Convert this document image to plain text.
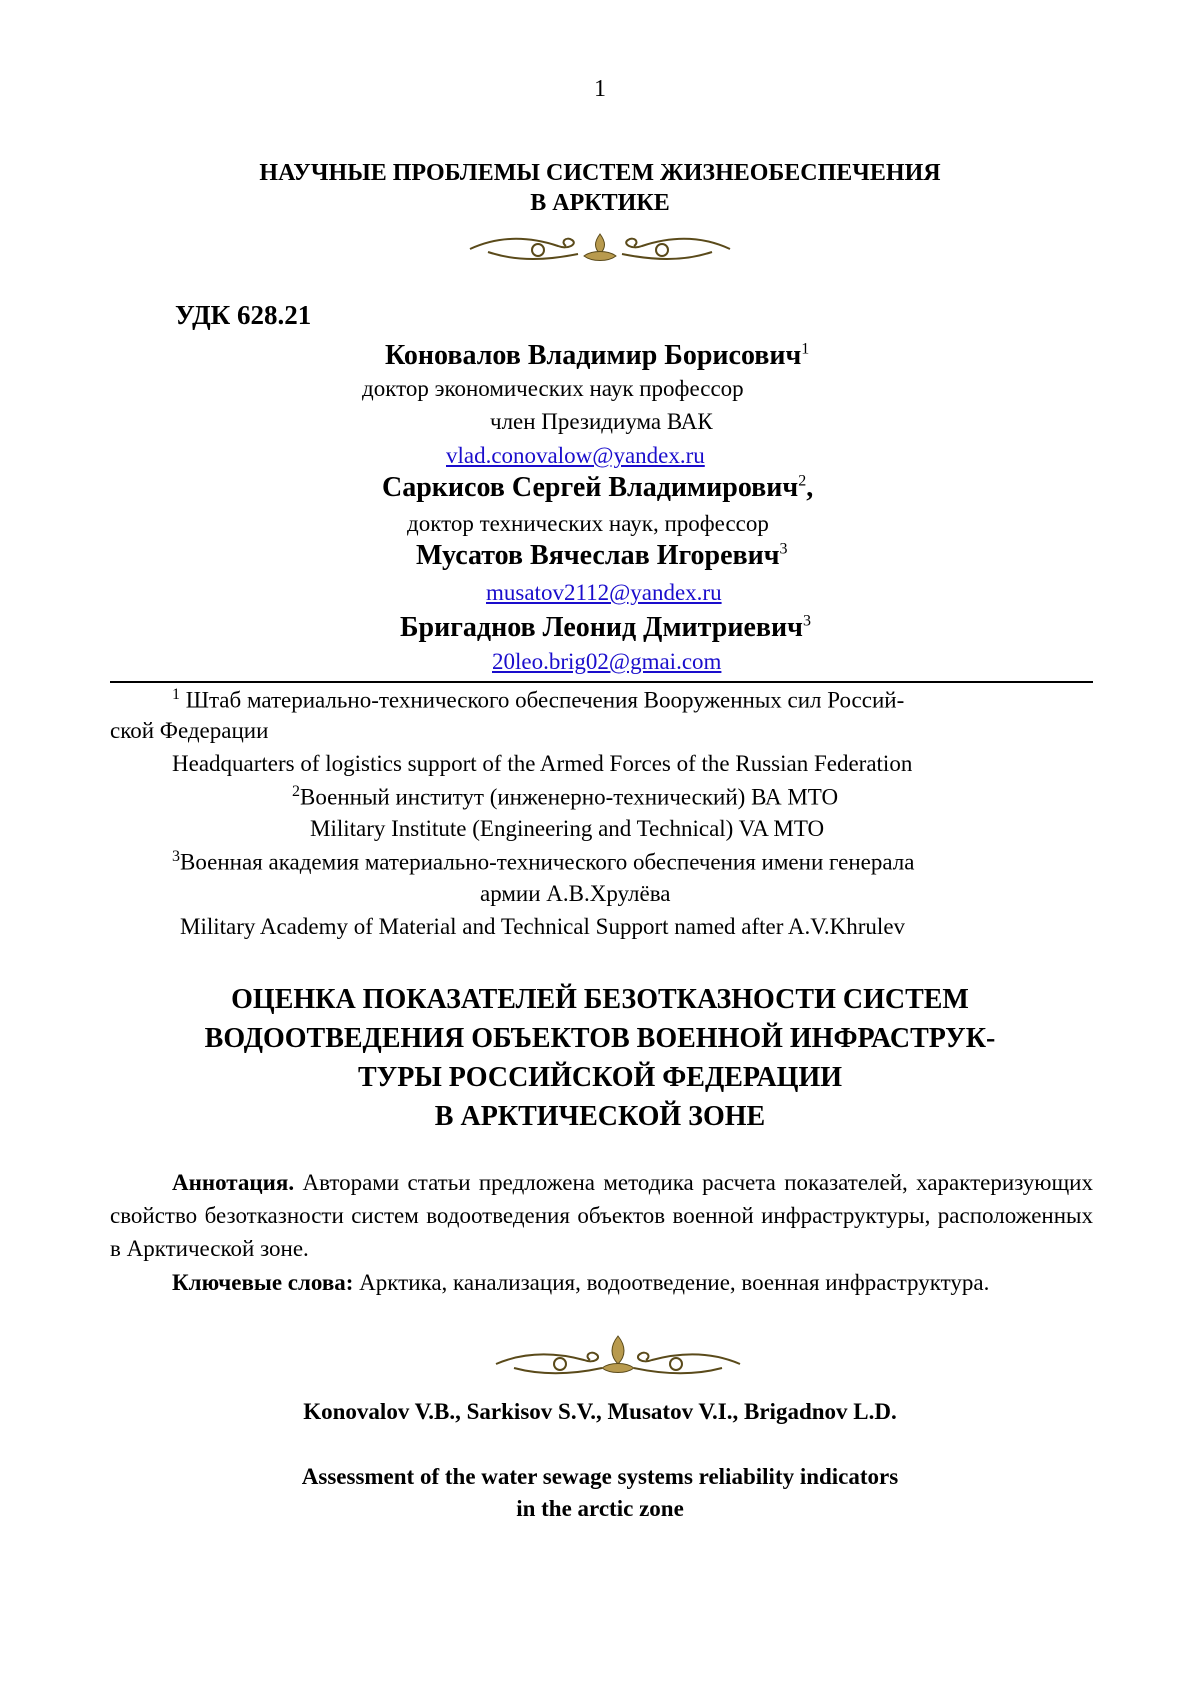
1
НАУЧНЫЕ ПРОБЛЕМЫ СИСТЕМ ЖИЗНЕОБЕСПЕЧЕНИЯ
В АРКТИКЕ
УДК 628.21
Коновалов Владимир Борисович$^1$
доктор экономических наук профессор
член Президиума ВАК
vlad.conovalow@yandex.ru
Саркисов Сергей Владимирович$^2$,
доктор технических наук, профессор
Мусатов Вячеслав Игоревич$^3$
musatov2112@yandex.ru
Бригаднов Леонид Дмитриевич$^3$
20leo.brig02@gmai.com
$^1$ Штаб материально-технического обеспечения Вооруженных сил Россий-
ской Федерации
Headquarters of logistics support of the Armed Forces of the Russian Federation
$^2$Военный институт (инженерно-технический) ВА МТО
Military Institute (Engineering and Technical) VA MTO
$^3$Военная академия материально-технического обеспечения имени генерала
армии А.В.Хрулёва
Military Academy of Material and Technical Support named after A.V.Khrulev
ОЦЕНКА ПОКАЗАТЕЛЕЙ БЕЗОТКАЗНОСТИ СИСТЕМ
ВОДООТВЕДЕНИЯ ОБЪЕКТОВ ВОЕННОЙ ИНФРАСТРУК-
ТУРЫ РОССИЙСКОЙ ФЕДЕРАЦИИ
В АРКТИЧЕСКОЙ ЗОНЕ
Аннотация. Авторами статьи предложена методика расчета показателей, характеризующих свойство безотказности систем водоотведения объектов военной инфраструктуры, расположенных в Арктической зоне.
Ключевые слова: Арктика, канализация, водоотведение, военная инфраструктура.
Konovalov V.B., Sarkisov S.V., Musatov V.I., Brigadnov L.D.
Assessment of the water sewage systems reliability indicators
in the arctic zone
